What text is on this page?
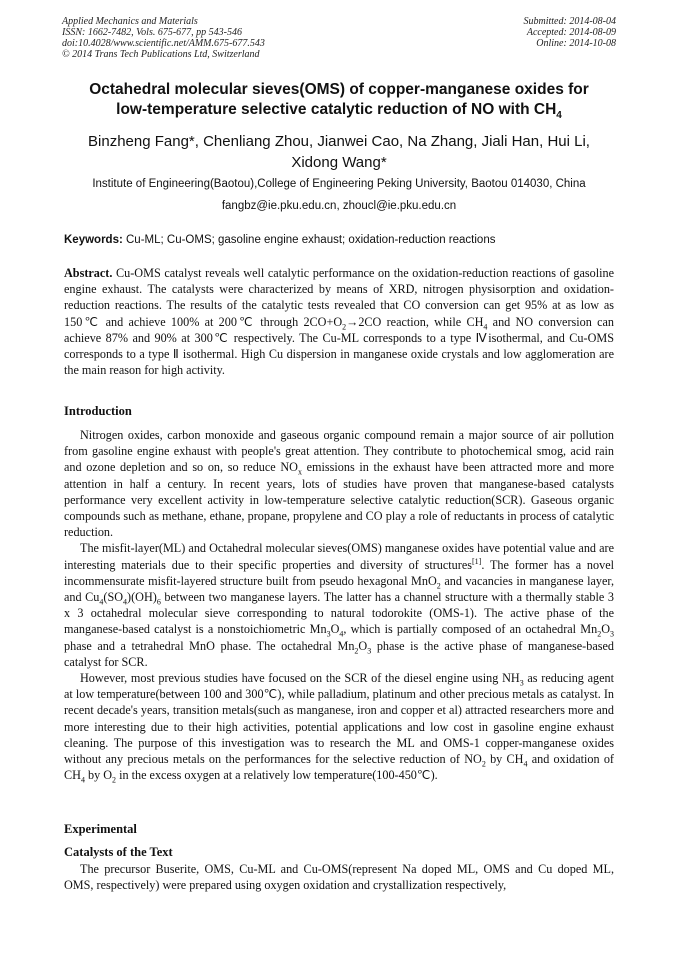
Applied Mechanics and Materials
ISSN: 1662-7482, Vols. 675-677, pp 543-546
doi:10.4028/www.scientific.net/AMM.675-677.543
© 2014 Trans Tech Publications Ltd, Switzerland
Submitted: 2014-08-04
Accepted: 2014-08-09
Online: 2014-10-08
Octahedral molecular sieves(OMS) of copper-manganese oxides for
low-temperature selective catalytic reduction of NO with $CH_4$
Binzheng Fang*, Chenliang Zhou, Jianwei Cao, Na Zhang, Jiali Han, Hui Li,
Xidong Wang*
Institute of Engineering(Baotou),College of Engineering Peking University, Baotou 014030, China
fangbz@ie.pku.edu.cn, zhoucl@ie.pku.edu.cn
Keywords: Cu-ML; Cu-OMS; gasoline engine exhaust; oxidation-reduction reactions

Abstract. Cu-OMS catalyst reveals well catalytic performance on the oxidation-reduction reactions of gasoline engine exhaust. The catalysts were characterized by means of XRD, nitrogen physisorption and oxidation-reduction reactions. The results of the catalytic tests revealed that CO conversion can get 95% at as low as 150℃ and achieve 100% at 200℃ through $2CO+O_2\to 2CO$ reaction, while $CH_4$ and NO conversion can achieve 87% and 90% at 300℃ respectively. The Cu-ML corresponds to a type Ⅳisothermal, and Cu-OMS corresponds to a type Ⅱ isothermal. High Cu dispersion in manganese oxide crystals and low agglomeration are the main reason for high activity.

Introduction

Nitrogen oxides, carbon monoxide and gaseous organic compound remain a major source of air pollution from gasoline engine exhaust with people's great attention. They contribute to photochemical smog, acid rain and ozone depletion and so on, so reduce $NO_x$ emissions in the exhaust have been attracted more and more attention in half a century. In recent years, lots of studies have proven that manganese-based catalysts performance very excellent activity in low-temperature selective catalytic reduction(SCR). Gaseous organic compounds such as methane, ethane, propane, propylene and CO play a role of reductants in process of catalytic reduction.

The misfit-layer(ML) and Octahedral molecular sieves(OMS) manganese oxides have potential value and are interesting materials due to their specific properties and diversity of structures[1]. The former has a novel incommensurate misfit-layered structure built from pseudo hexagonal MnO$_2$ and vacancies in manganese layer, and $Cu_4(SO_4)(OH)_6$ between two manganese layers. The latter has a channel structure with a thermally stable 3 x 3 octahedral molecular sieve corresponding to natural todorokite (OMS-1). The active phase of the manganese-based catalyst is a nonstoichiometric $Mn_3O_4$, which is partially composed of an octahedral $Mn_2O_3$ phase and a tetrahedral MnO phase. The octahedral $Mn_2O_3$ phase is the active phase of manganese-based catalyst for SCR.

However, most previous studies have focused on the SCR of the diesel engine using $NH_3$ as reducing agent at low temperature(between 100 and 300℃), while palladium, platinum and other precious metals as catalyst. In recent decade's years, transition metals(such as manganese, iron and copper et al) attracted researchers more and more interesting due to their high activities, potential applications and low cost in gasoline engine exhaust cleaning. The purpose of this investigation was to research the ML and OMS-1 copper-manganese oxides without any precious metals on the performances for the selective reduction of $NO_2$ by $CH_4$ and oxidation of $CH_4$ by $O_2$ in the excess oxygen at a relatively low temperature(100-450℃).

Experimental
Catalysts of the Text

The precursor Buserite, OMS, Cu-ML and Cu-OMS(represent Na doped ML, OMS and Cu doped ML, OMS, respectively) were prepared using oxygen oxidation and crystallization respectively,
